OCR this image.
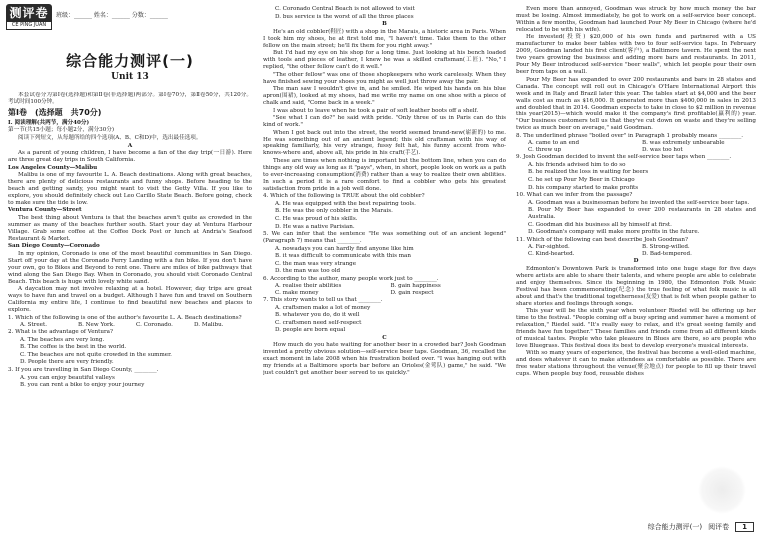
测评卷
CE PING JUAN
班级：______ 姓名：______ 分数：______
综合能力测评(一)
Unit 13

本套试卷分为第Ⅰ卷(选择题)和第Ⅱ卷(非选择题)两部分。第Ⅰ卷70分，第Ⅱ卷50分，共120分。考试时间100分钟。

第Ⅰ卷　(选择题　共70分)

Ⅰ. 阅读理解(共两节，满分40分)

第一节(共15小题；每小题2分，满分30分)

阅读下列短文，从每题所给的四个选项(A、B、C和D)中，选出最佳选项。

A

As a parent of young children, I have become a fan of the day trip(一日游). Here are three great day trips in South California.

Los Angeles County—Malibu

Malibu is one of my favourite L. A. Beach destinations. Along with great beaches, there are plenty of delicious restaurants and funny shops. Before heading to the beach and getting sandy, you might want to visit the Getty Villa. If you like to explore, you should definitely check out Leo Carillo State Beach. Before going, check to make sure the tide is low.

Ventura County—Street

The best thing about Ventura is that the beaches aren't quite as crowded in the summer as many of the beaches further south. Start your day at Ventura Harbour Village. Grab some coffee at the Coffee Dock Post or lunch at Andria's Seafood Restaurant & Market.

San Diego County—Coronado

In my opinion, Coronado is one of the most beautiful communities in San Diego. Start off your day at the Coronado Ferry Landing with a fun bike. If you don't have your own, go to Bikes and Beyond to rent one. There are miles of bike pathways that wind along the San Diego Bay. When in Coronado, you should visit Coronado Central Beach. This beach is huge with lovely white sand.

A daycation may not involve relaxing at a hotel. However, day trips are great ways to have fun and travel on a budget. Although I have fun and travel on Southern California my entire life, I continue to find beautiful new beaches and places to explore.

1. Which of the following is one of the author's favourite L. A. Beach destinations?

A. Street.	B. New York.	C. Coronado.	D. Malibu.

2. What is the advantage of Ventura?

A. The beaches are very long.

B. The coffee is the best in the world.

C. The beaches are not quite crowded in the summer.

D. People there are very friendly.

3. If you are travelling in San Diego County, ________.

A. you can enjoy beautiful valleys

B. you can rent a bike to enjoy your journey

C. Coronado Central Beach is not allowed to visit

D. bus service is the worst of all the three places

B

He's an old cobbler(鞋匠) with a shop in the Marais, a historic area in Paris. When I took him my shoes, he at first told me, "I haven't time. Take them to the other fellow on the main street; he'll fix them for you right away."

But I'd had my eye on his shop for a long time. Just looking at his bench loaded with tools and pieces of leather, I knew he was a skilled craftsman(工匠). "No," I replied, "the other fellow can't do it well."

"The other fellow" was one of those shopkeepers who work carelessly. When they have finished sewing your shoes you might as well just throw away the pair.

The man saw I wouldn't give in, and he smiled. He wiped his hands on his blue apron(围裙), looked at my shoes, had me write my name on one shoe with a piece of chalk and said, "Come back in a week."

I was about to leave when he took a pair of soft leather boots off a shelf.

"See what I can do?" he said with pride. "Only three of us in Paris can do this kind of work."

When I got back out into the street, the world seemed brand-new(崭新的) to me. He was something out of an ancient legend; this old craftsman with his way of speaking familiarly, his very strange, fussy felt hat, his funny accent from who-knows-where and, above all, his pride in his craft(手艺).

These are times when nothing is important but the bottom line, when you can do things any old way as long as it "pays", when, in short, people look on work as a path to ever-increasing consumption(消费) rather than a way to realize their own abilities. In such a period it is a rare comfort to find a cobbler who gets his greatest satisfaction from pride in a job well done.

4. Which of the following is TRUE about the old cobbler?

A. He was equipped with the best repairing tools.

B. He was the only cobbler in the Marais.

C. He was proud of his skills.

D. He was a native Parisian.

5. We can infer that the sentence "He was something out of an ancient legend" (Paragraph 7) means that ________.

A. nowadays you can hardly find anyone like him

B. it was difficult to communicate with this man

C. the man was very strange

D. the man was too old

6. According to the author, many people work just to ________.

A. realise their abilities	B. gain happiness
C. make money	D. gain respect

7. This story wants to tell us that ________.

A. craftsmen make a lot of money

B. whatever you do, do it well

C. craftsmen need self-respect

D. people are born equal

C

How much do you hate waiting for another beer in a crowded bar? Josh Goodman invented a pretty obvious solution—self-service beer taps. Goodman, 36, recalled the exact moment in late 2008 when his frustration boiled over. "I was hanging out with my friends at a Baltimore sports bar before an Orioles(金莺队) game," he said. "We just couldn't get another beer served to us quickly."

Even more than annoyed, Goodman was struck by how much money the bar must be losing. Almost immediately, he got to work on a self-service beer concept. Within a few months, Goodman had launched Pour My Beer in Chicago (where he'd relocated to be with his wife).

He invested(投资) $20,000 of his own funds and partnered with a US manufacturer to make beer tables with two to four self-service taps. In February 2009, Goodman landed his first client(客户), a Baltimore tavern. He spent the next two years growing the business and adding more bars and restaurants. In 2011, Pour My Beer introduced self-service "beer walls", which let people pour their own beer from taps on a wall.

Pour My Beer has expanded to over 200 restaurants and bars in 28 states and Canada. The concept will roll out in Chicago's O'Hare International Airport this week and in Italy and Brazil later this year. The tables start at $4,000 and the beer walls cost as much as $16,000. It generated more than $400,000 in sales in 2013 and doubled that in 2014. Goodman expects to take in close to $2 million in revenue this year(2015)—which would make it the company's first profitable(赢利的) year. "Our business customers tell us that they've cut down on waste and they're selling twice as much beer on average," said Goodman.

8. The underlined phrase "boiled over" in Paragraph 1 probably means ________.

A. came to an end	B. was extremely unbearable
C. threw up	D. was too hot

9. Josh Goodman decided to invent the self-service beer taps when ________.

A. his friends advised him to do so

B. he realized the loss in waiting for beers

C. he set up Pour My Beer in Chicago

D. his company started to make profits

10. What can we infer from the passage?

A. Goodman was a businessman before he invented the self-service beer taps.

B. Pour My Beer has expanded to over 200 restaurants in 28 states and Australia.

C. Goodman did his business all by himself at first.

D. Goodman's company will make more profits in the future.

11. Which of the following can best describe Josh Goodman?

A. Far-sighted.	B. Strong-willed.
C. Kind-hearted.	D. Bad-tempered.

D

Edmonton's Downtown Park is transformed into one huge stage for five days where artists are able to share their talents, and where people are able to celebrate and enjoy themselves. Since its beginning in 1980, the Edmonton Folk Music Festival has been commemorating(纪念) the true feeling of what folk music is all about and that's the traditional togetherness(友爱) that is felt when people gather to share stories and feelings through songs.

This year will be the sixth year when volunteer Riedel will be offering up her time to the festival. "People coming off a busy spring and summer have a moment of relaxation," Riedel said. "It's really easy to relax, and it's great seeing family and friends have fun together." These families and friends come from all different kinds of musical tastes. People who take pleasure in Blues are there, so are people who love Bluegrass. This festival does its best to develop everyone's musical interests.

With so many years of experience, the festival has become a well-oiled machine, and does whatever it can to make attendees as comfortable as possible. There are free water stations throughout the venue(聚会地点) for people to fill up their travel cups. When people buy food, reusable dishes

综合能力测评(一) 阅评卷	1
